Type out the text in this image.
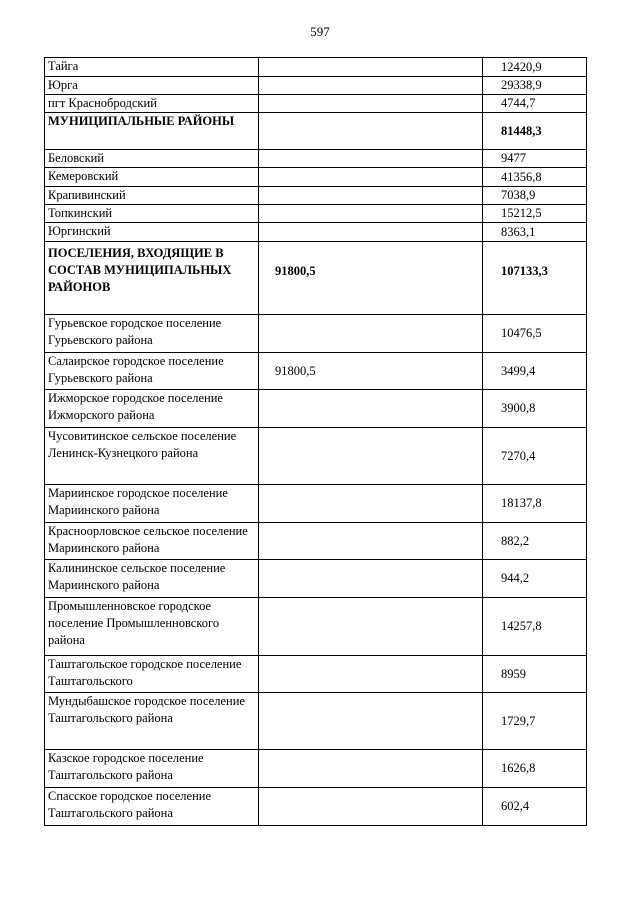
597
Тайга		12420,9
Юрга		29338,9
пгт Краснобродский		4744,7
МУНИЦИПАЛЬНЫЕ РАЙОНЫ		81448,3
Беловский		9477
Кемеровский		41356,8
Крапивинский		7038,9
Топкинский		15212,5
Юргинский		8363,1
ПОСЕЛЕНИЯ, ВХОДЯЩИЕ В СОСТАВ МУНИЦИПАЛЬНЫХ РАЙОНОВ	91800,5	107133,3
Гурьевское городское поселение Гурьевского района		10476,5
Салаирское городское поселение Гурьевского района	91800,5	3499,4
Ижморское городское поселение Ижморского района		3900,8
Чусовитинское сельское поселение Ленинск-Кузнецкого района		7270,4
Мариинское городское поселение Мариинского района		18137,8
Красноорловское сельское поселение Мариинского района		882,2
Калининское сельское поселение Мариинского района		944,2
Промышленновское городское поселение Промышленновского района		14257,8
Таштагольское городское поселение Таштагольского		8959
Мундыбашское городское поселение Таштагольского района		1729,7
Казское городское поселение Таштагольского района		1626,8
Спасское городское поселение Таштагольского района		602,4
